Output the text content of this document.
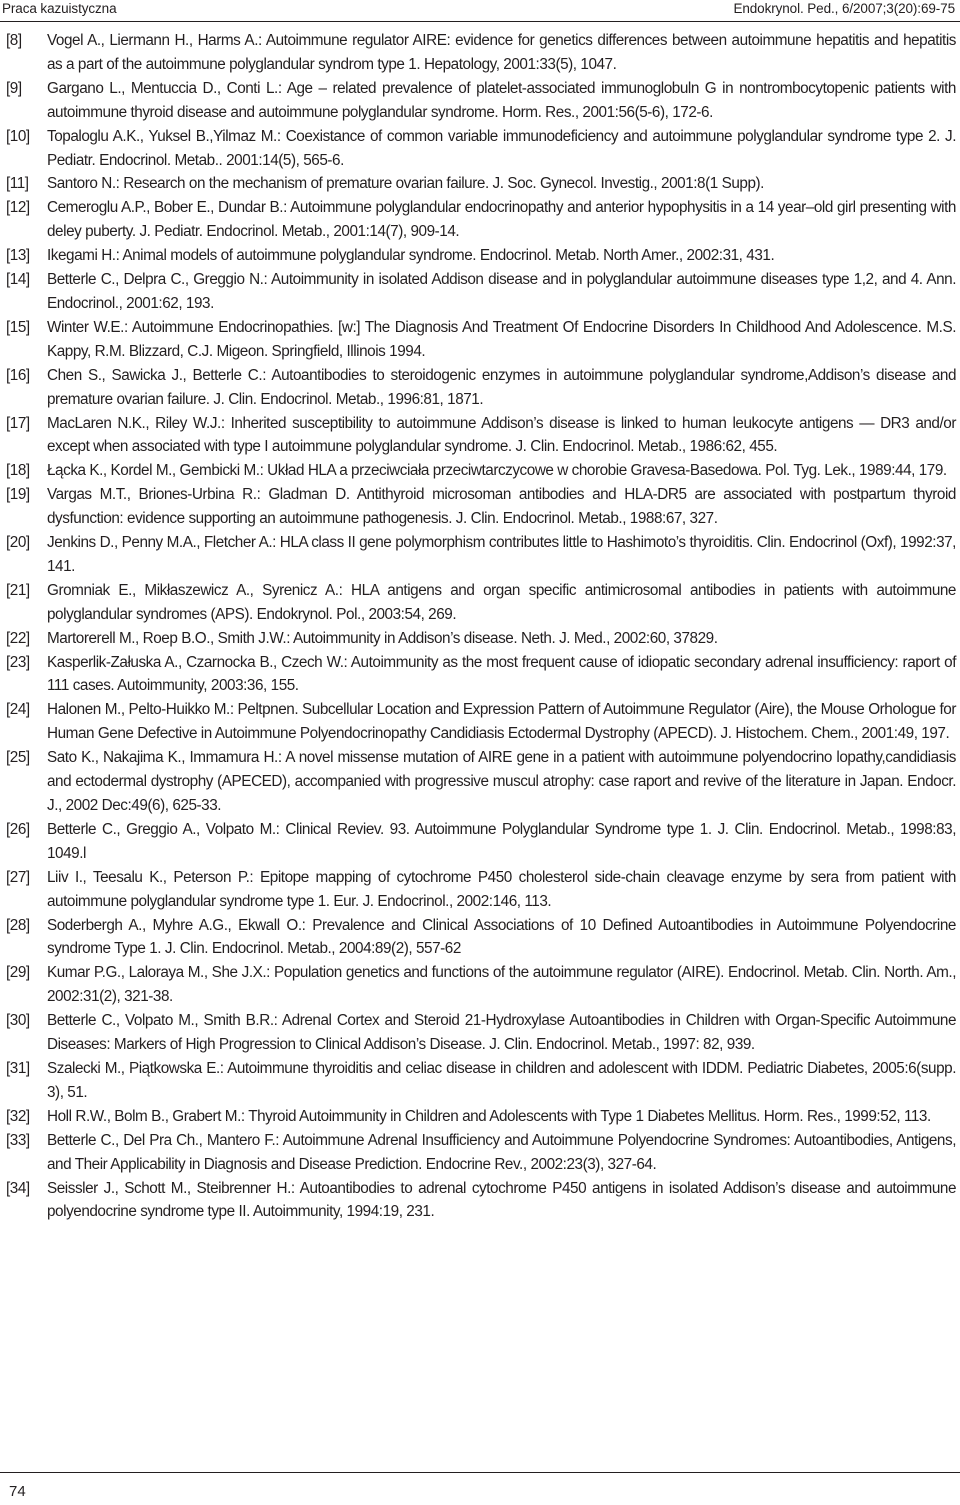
Praca kazuistyczna	Endokrynol. Ped., 6/2007;3(20):69-75
[8]	Vogel A., Liermann H., Harms A.: Autoimmune regulator AIRE: evidence for genetics differences between autoimmune hepatitis and hepatitis as a part of the autoimmune polyglandular syndrom type 1. Hepatology, 2001:33(5), 1047.
[9]	Gargano L., Mentuccia D., Conti L.: Age – related prevalence of platelet-associated immunoglobuln G in nontrombocytopenic patients with autoimmune thyroid disease and autoimmune polyglandular syndrome. Horm. Res., 2001:56(5-6), 172-6.
[10]	Topaloglu A.K., Yuksel B.,Yilmaz M.: Coexistance of common variable immunodeficiency and autoimmune polyglandular syndrome type 2. J. Pediatr. Endocrinol. Metab.. 2001:14(5), 565-6.
[11]	Santoro N.: Research on the mechanism of premature ovarian failure. J. Soc. Gynecol. Investig., 2001:8(1 Supp).
[12]	Cemeroglu A.P., Bober E., Dundar B.: Autoimmune polyglandular endocrinopathy and anterior hypophysitis in a 14 year–old girl presenting with deley puberty. J. Pediatr. Endocrinol. Metab., 2001:14(7), 909-14.
[13]	Ikegami H.: Animal models of autoimmune polyglandular syndrome. Endocrinol. Metab. North Amer., 2002:31, 431.
[14]	Betterle C., Delpra C., Greggio N.: Autoimmunity in isolated Addison disease and in polyglandular autoimmune diseases type 1,2, and 4. Ann. Endocrinol., 2001:62, 193.
[15]	Winter W.E.: Autoimmune Endocrinopathies. [w:] The Diagnosis And Treatment Of Endocrine Disorders In Childhood And Adolescence. M.S. Kappy, R.M. Blizzard, C.J. Migeon. Springfield, Illinois 1994.
[16]	Chen S., Sawicka J., Betterle C.: Autoantibodies to steroidogenic enzymes in autoimmune polyglandular syndrome,Addison’s disease and premature ovarian failure. J. Clin. Endocrinol. Metab., 1996:81, 1871.
[17]	MacLaren N.K., Riley W.J.: Inherited susceptibility to autoimmune Addison’s disease is linked to human leukocyte antigens — DR3 and/or except when associated with type I autoimmune polyglandular syndrome. J. Clin. Endocrinol. Metab., 1986:62, 455.
[18]	Łącka K., Kordel M., Gembicki M.: Układ HLA a przeciwciała przeciwtarczycowe w chorobie Gravesa-Basedowa. Pol. Tyg. Lek., 1989:44, 179.
[19]	Vargas M.T., Briones-Urbina R.: Gladman D. Antithyroid microsoman antibodies and HLA-DR5 are associated with postpartum thyroid dysfunction: evidence supporting an autoimmune pathogenesis. J. Clin. Endocrinol. Metab., 1988:67, 327.
[20]	Jenkins D., Penny M.A., Fletcher A.: HLA class II gene polymorphism contributes little to Hashimoto’s thyroiditis. Clin. Endocrinol (Oxf), 1992:37, 141.
[21]	Gromniak E., Mikłaszewicz A., Syrenicz A.: HLA antigens and organ specific antimicrosomal antibodies in patients with autoimmune polyglandular syndromes (APS). Endokrynol. Pol., 2003:54, 269.
[22]	Martorerell M., Roep B.O., Smith J.W.: Autoimmunity in Addison’s disease. Neth. J. Med., 2002:60, 37829.
[23]	Kasperlik-Załuska A., Czarnocka B., Czech W.: Autoimmunity as the most frequent cause of idiopatic secondary adrenal insufficiency: raport of 111 cases. Autoimmunity, 2003:36, 155.
[24]	Halonen M., Pelto-Huikko M.: Peltpnen. Subcellular Location and Expression Pattern of Autoimmune Regulator (Aire), the Mouse Orhologue for Human Gene Defective in Autoimmune Polyendocrinopathy Candidiasis Ectodermal Dystrophy (APECD). J. Histochem. Chem., 2001:49, 197.
[25]	Sato K., Nakajima K., Immamura H.: A novel missense mutation of AIRE gene in a patient with autoimmune polyendocrino lopathy,candidiasis and ectodermal dystrophy (APECED), accompanied with progressive muscul atrophy: case raport and revive of the literature in Japan. Endocr. J., 2002 Dec:49(6), 625-33.
[26]	Betterle C., Greggio A., Volpato M.: Clinical Reviev. 93. Autoimmune Polyglandular Syndrome type 1. J. Clin. Endocrinol. Metab., 1998:83, 1049.l
[27]	Liiv I., Teesalu K., Peterson P.: Epitope mapping of cytochrome P450 cholesterol side-chain cleavage enzyme by sera from patient with autoimmune polyglandular syndrome type 1. Eur. J. Endocrinol., 2002:146, 113.
[28]	Soderbergh A., Myhre A.G., Ekwall O.: Prevalence and Clinical Associations of 10 Defined Autoantibodies in Autoimmune Polyendocrine syndrome Type 1. J. Clin. Endocrinol. Metab., 2004:89(2), 557-62
[29]	Kumar P.G., Laloraya M., She J.X.: Population genetics and functions of the autoimmune regulator (AIRE). Endocrinol. Metab. Clin. North. Am., 2002:31(2), 321-38.
[30]	Betterle C., Volpato M., Smith B.R.: Adrenal Cortex and Steroid 21-Hydroxylase Autoantibodies in Children with Organ-Specific Autoimmune Diseases: Markers of High Progression to Clinical Addison’s Disease. J. Clin. Endocrinol. Metab., 1997: 82, 939.
[31]	Szalecki M., Piątkowska E.: Autoimmune thyroiditis and celiac disease in children and adolescent with IDDM. Pediatric Diabetes, 2005:6(supp. 3), 51.
[32]	Holl R.W., Bolm B., Grabert M.: Thyroid Autoimmunity in Children and Adolescents with Type 1 Diabetes Mellitus. Horm. Res., 1999:52, 113.
[33]	Betterle C., Del Pra Ch., Mantero F.: Autoimmune Adrenal Insufficiency and Autoimmune Polyendocrine Syndromes: Autoantibodies, Antigens, and Their Applicability in Diagnosis and Disease Prediction. Endocrine Rev., 2002:23(3), 327-64.
[34]	Seissler J., Schott M., Steibrenner H.: Autoantibodies to adrenal cytochrome P450 antigens in isolated Addison’s disease and autoimmune polyendocrine syndrome type II. Autoimmunity, 1994:19, 231.
74
